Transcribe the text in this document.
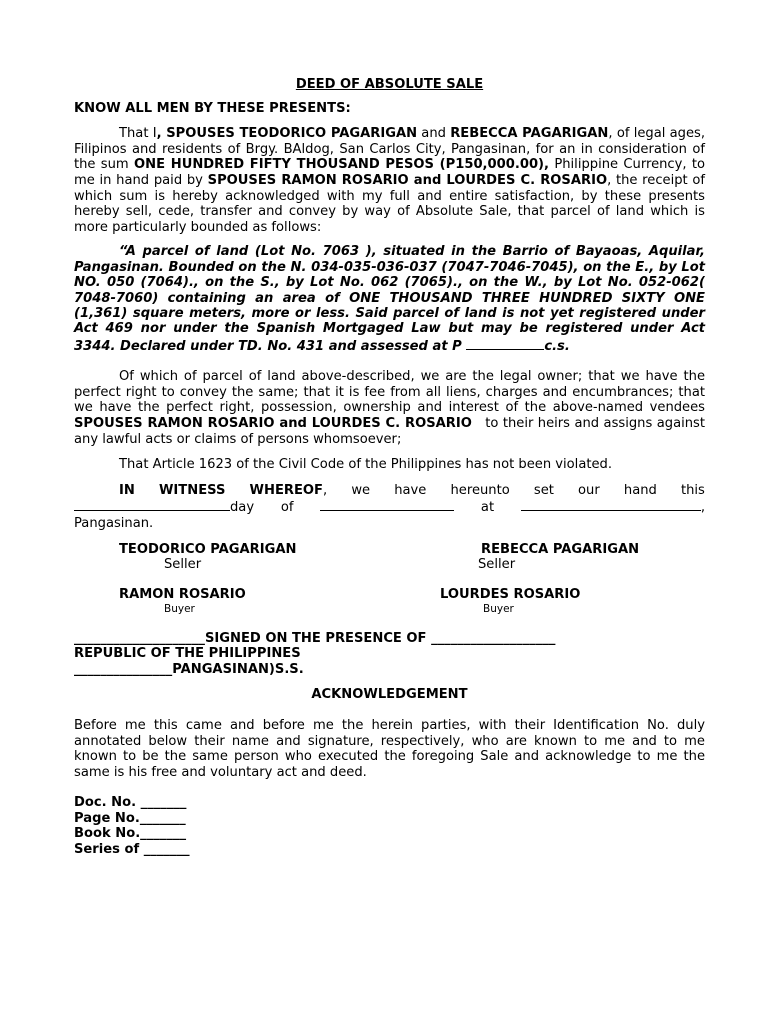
DEED OF ABSOLUTE SALE

KNOW ALL MEN BY THESE PRESENTS:

That I, SPOUSES TEODORICO PAGARIGAN and REBECCA PAGARIGAN, of legal ages, Filipinos and residents of Brgy. BAldog, San Carlos City, Pangasinan, for an in consideration of the sum ONE HUNDRED FIFTY THOUSAND PESOS (P150,000.00), Philippine Currency, to me in hand paid by SPOUSES RAMON ROSARIO and LOURDES C. ROSARIO, the receipt of which sum is hereby acknowledged with my full and entire satisfaction, by these presents hereby sell, cede, transfer and convey by way of Absolute Sale, that parcel of land which is more particularly bounded as follows:

“A parcel of land (Lot No. 7063 ), situated in the Barrio of Bayaoas, Aquilar, Pangasinan. Bounded on the N. 034-035-036-037 (7047-7046-7045), on the E., by Lot NO. 050 (7064)., on the S., by Lot No. 062 (7065)., on the W., by Lot No. 052-062( 7048-7060) containing an area of ONE THOUSAND THREE HUNDRED SIXTY ONE (1,361) square meters, more or less. Said parcel of land is not yet registered under Act 469 nor under the Spanish Mortgaged Law but may be registered under Act 3344. Declared under TD. No. 431 and assessed at P	c.s.

Of which of parcel of land above-described, we are the legal owner; that we have the perfect right to convey the same; that it is fee from all liens, charges and encumbrances; that we have the perfect right, possession, ownership and interest of the above-named vendees SPOUSES RAMON ROSARIO and LOURDES C. ROSARIO   to their heirs and assigns against any lawful acts or claims of persons whomsoever;

That Article 1623 of the Civil Code of the Philippines has not been violated.

IN WITNESS WHEREOF, we have hereunto set our hand this
day of	at	,

Pangasinan.

TEODORICO PAGARIGAN
Seller
REBECCA PAGARIGAN
Seller
RAMON ROSARIO
Buyer
LOURDES ROSARIO
Buyer

____________________SIGNED ON THE PRESENCE OF ___________________

REPUBLIC OF THE PHILIPPINES

_______________PANGASINAN)S.S.

ACKNOWLEDGEMENT

Before me this came and before me the herein parties, with their Identification No. duly annotated below their name and signature, respectively, who are known to me and to me known to be the same person who executed the foregoing Sale and acknowledge to me the same is his free and voluntary act and deed.

Doc. No. _______

Page No._______

Book No._______

Series of _______
